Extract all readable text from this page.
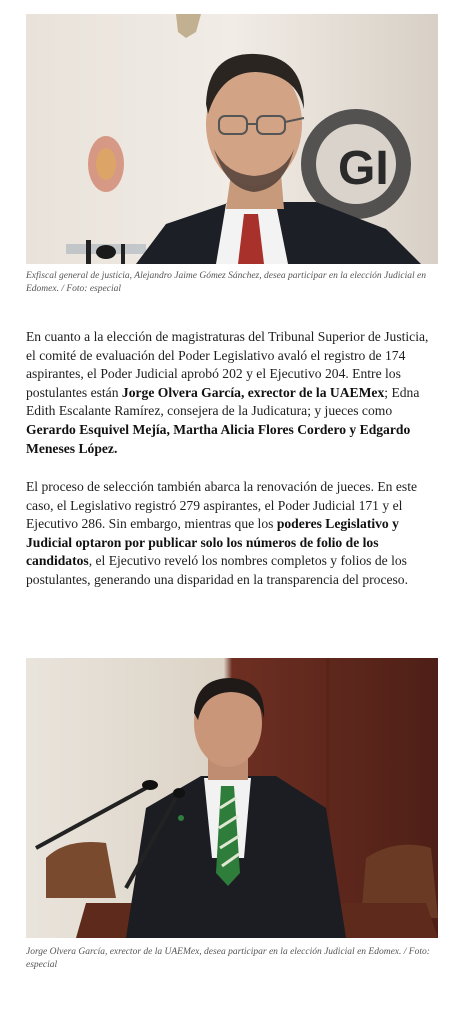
GI
Exfiscal general de justicia, Alejandro Jaime Gómez Sánchez, desea participar en la elección Judicial en Edomex. / Foto: especial

En cuanto a la elección de magistraturas del Tribunal Superior de Justicia, el comité de evaluación del Poder Legislativo avaló el registro de 174 aspirantes, el Poder Judicial aprobó 202 y el Ejecutivo 204. Entre los postulantes están Jorge Olvera García, exrector de la UAEMex; Edna Edith Escalante Ramírez, consejera de la Judicatura; y jueces como Gerardo Esquivel Mejía, Martha Alicia Flores Cordero y Edgardo Meneses López.

El proceso de selección también abarca la renovación de jueces. En este caso, el Legislativo registró 279 aspirantes, el Poder Judicial 171 y el Ejecutivo 286. Sin embargo, mientras que los poderes Legislativo y Judicial optaron por publicar solo los números de folio de los candidatos, el Ejecutivo reveló los nombres completos y folios de los postulantes, generando una disparidad en la transparencia del proceso.

Jorge Olvera García, exrector de la UAEMex, desea participar en la elección Judicial en Edomex. / Foto: especial
